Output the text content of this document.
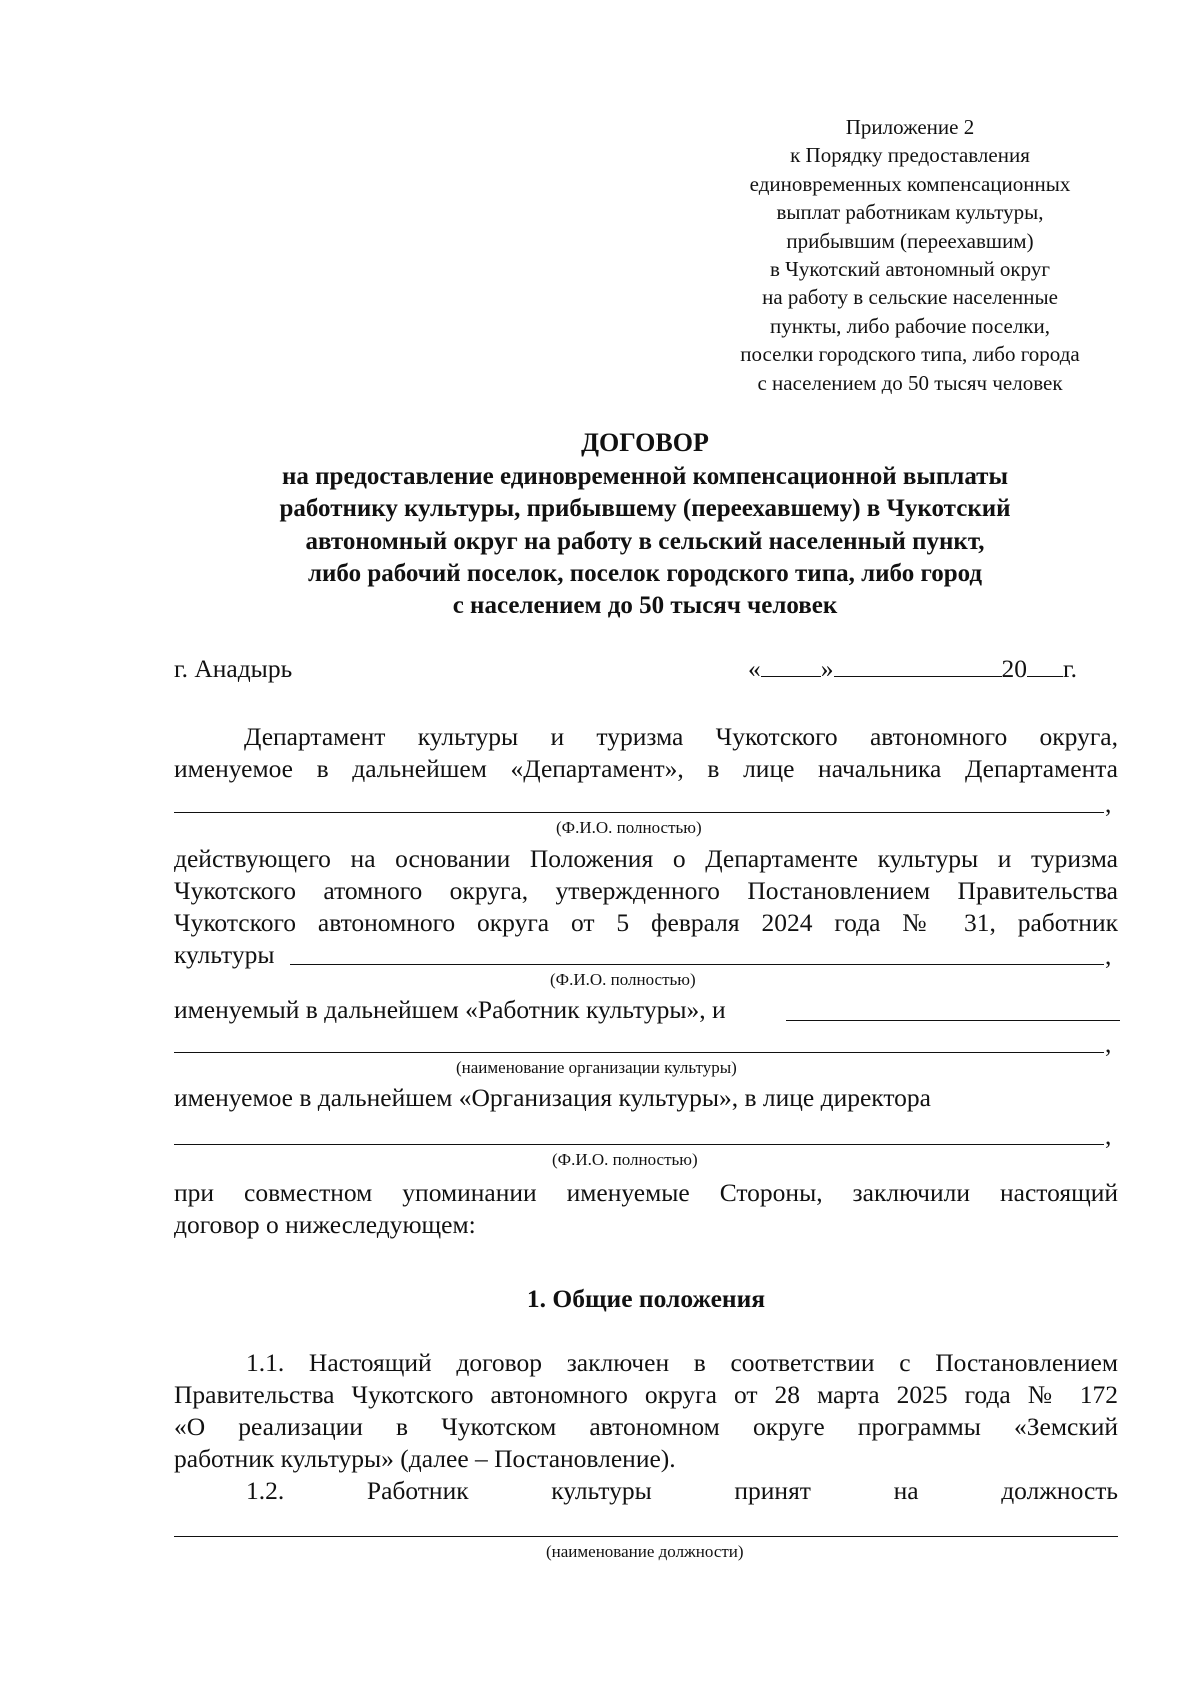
Приложение 2
к Порядку предоставления
единовременных компенсационных
выплат работникам культуры,
прибывшим (переехавшим)
в Чукотский автономный округ
на работу в сельские населенные
пункты, либо рабочие поселки,
поселки городского типа, либо города
с населением до 50 тысяч человек
ДОГОВОР
на предоставление единовременной компенсационной выплаты
работнику культуры, прибывшему (переехавшему) в Чукотский
автономный округ на работу в сельский населенный пункт,
либо рабочий поселок, поселок городского типа, либо город
с населением до 50 тысяч человек
г. Анадырь	« »	20 г.
Департамент культуры и туризма Чукотского автономного округа,
именуемое в дальнейшем «Департамент», в лице начальника Департамента
,
(Ф.И.О. полностью)
действующего на основании Положения о Департаменте культуры и туризма
Чукотского атомного округа, утвержденного Постановлением Правительства
Чукотского автономного округа от 5 февраля 2024 года № 31, работник
культуры	,
(Ф.И.О. полностью)
именуемый в дальнейшем «Работник культуры», и
,
(наименование организации культуры)
именуемое в дальнейшем «Организация культуры», в лице директора
,
(Ф.И.О. полностью)
при совместном упоминании именуемые Стороны, заключили настоящий
договор о нижеследующем:
1. Общие положения
1.1. Настоящий договор заключен в соответствии с Постановлением
Правительства Чукотского автономного округа от 28 марта 2025 года № 172
«О реализации в Чукотском автономном округе программы «Земский
работник культуры» (далее – Постановление).
1.2.	Работник	культуры	принят	на	должность
(наименование должности)
